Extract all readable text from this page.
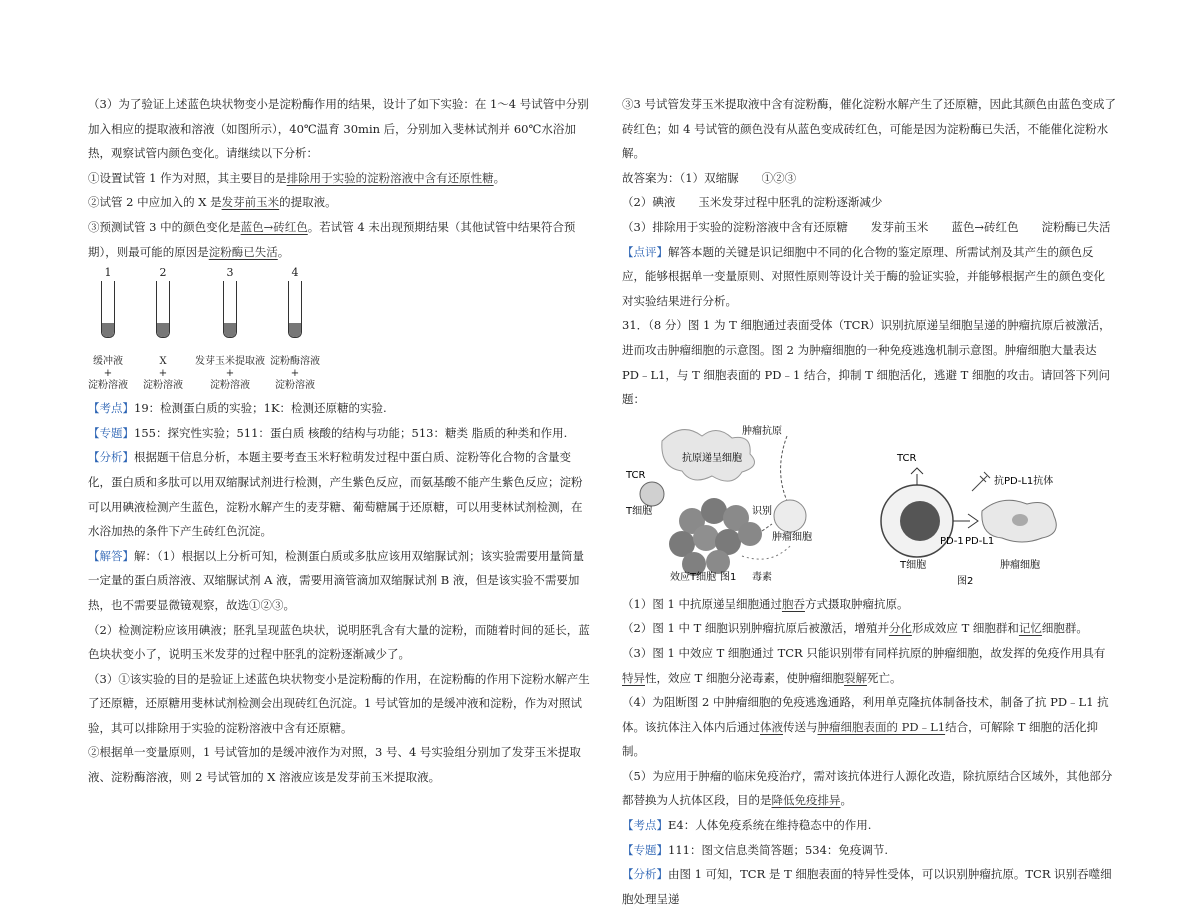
（3）为了验证上述蓝色块状物变小是淀粉酶作用的结果，设计了如下实验：在 1～4 号试管中分别加入相应的提取液和溶液（如图所示），40℃温育 30min 后，分别加入斐林试剂并 60℃水浴加热，观察试管内颜色变化。请继续以下分析：

①设置试管 1 作为对照，其主要目的是排除用于实验的淀粉溶液中含有还原性糖。

②试管 2 中应加入的 X 是发芽前玉米的提取液。

③预测试管 3 中的颜色变化是蓝色→砖红色。若试管 4 未出现预期结果（其他试管中结果符合预期），则最可能的原因是淀粉酶已失活。

1	2	3	4
缓冲液
+
淀粉溶液
X
+
淀粉溶液
发芽玉米提取液
+
淀粉溶液
淀粉酶溶液
+
淀粉溶液

【考点】19：检测蛋白质的实验；1K：检测还原糖的实验.

【专题】155：探究性实验；511：蛋白质 核酸的结构与功能；513：糖类 脂质的种类和作用.

【分析】根据题干信息分析，本题主要考查玉米籽粒萌发过程中蛋白质、淀粉等化合物的含量变化，蛋白质和多肽可以用双缩脲试剂进行检测，产生紫色反应，而氨基酸不能产生紫色反应；淀粉可以用碘液检测产生蓝色，淀粉水解产生的麦芽糖、葡萄糖属于还原糖，可以用斐林试剂检测，在水浴加热的条件下产生砖红色沉淀。

【解答】解：（1）根据以上分析可知，检测蛋白质或多肽应该用双缩脲试剂；该实验需要用量筒量一定量的蛋白质溶液、双缩脲试剂 A 液，需要用滴管滴加双缩脲试剂 B 液，但是该实验不需要加热，也不需要显微镜观察，故选①②③。

（2）检测淀粉应该用碘液；胚乳呈现蓝色块状，说明胚乳含有大量的淀粉，而随着时间的延长，蓝色块状变小了，说明玉米发芽的过程中胚乳的淀粉逐渐减少了。

（3）①该实验的目的是验证上述蓝色块状物变小是淀粉酶的作用，在淀粉酶的作用下淀粉水解产生了还原糖，还原糖用斐林试剂检测会出现砖红色沉淀。1 号试管加的是缓冲液和淀粉，作为对照试验，其可以排除用于实验的淀粉溶液中含有还原糖。

②根据单一变量原则，1 号试管加的是缓冲液作为对照，3 号、4 号实验组分别加了发芽玉米提取液、淀粉酶溶液，则 2 号试管加的 X 溶液应该是发芽前玉米提取液。

③3 号试管发芽玉米提取液中含有淀粉酶，催化淀粉水解产生了还原糖，因此其颜色由蓝色变成了砖红色；如 4 号试管的颜色没有从蓝色变成砖红色，可能是因为淀粉酶已失活，不能催化淀粉水解。

故答案为：（1）双缩脲　　①②③

（2）碘液　　玉米发芽过程中胚乳的淀粉逐渐减少

（3）排除用于实验的淀粉溶液中含有还原糖　　发芽前玉米　　蓝色→砖红色　　淀粉酶已失活

【点评】解答本题的关键是识记细胞中不同的化合物的鉴定原理、所需试剂及其产生的颜色反应，能够根据单一变量原则、对照性原则等设计关于酶的验证实验，并能够根据产生的颜色变化对实验结果进行分析。

31．（8 分）图 1 为 T 细胞通过表面受体（TCR）识别抗原递呈细胞呈递的肿瘤抗原后被激活，进而攻击肿瘤细胞的示意图。图 2 为肿瘤细胞的一种免疫逃逸机制示意图。肿瘤细胞大量表达 PD﹣L1，与 T 细胞表面的 PD﹣1 结合，抑制 T 细胞活化，逃避 T 细胞的攻击。请回答下列问题：

肿瘤抗原
抗原递呈细胞
TCR
T细胞	识别
肿瘤细胞
效应T细胞	毒素
图1
TCR
抗PD-L1抗体
PD-1 PD-L1
T细胞	肿瘤细胞
图2

（1）图 1 中抗原递呈细胞通过胞吞方式摄取肿瘤抗原。

（2）图 1 中 T 细胞识别肿瘤抗原后被激活，增殖并分化形成效应 T 细胞群和记忆细胞群。

（3）图 1 中效应 T 细胞通过 TCR 只能识别带有同样抗原的肿瘤细胞，故发挥的免疫作用具有特异性，效应 T 细胞分泌毒素，使肿瘤细胞裂解死亡。

（4）为阻断图 2 中肿瘤细胞的免疫逃逸通路，利用单克隆抗体制备技术，制备了抗 PD﹣L1 抗体。该抗体注入体内后通过体液传送与肿瘤细胞表面的 PD﹣L1结合，可解除 T 细胞的活化抑制。

（5）为应用于肿瘤的临床免疫治疗，需对该抗体进行人源化改造，除抗原结合区域外，其他部分都替换为人抗体区段，目的是降低免疫排异。

【考点】E4：人体免疫系统在维持稳态中的作用.

【专题】111：图文信息类简答题；534：免疫调节.

【分析】由图 1 可知，TCR 是 T 细胞表面的特异性受体，可以识别肿瘤抗原。TCR 识别吞噬细胞处理呈递
